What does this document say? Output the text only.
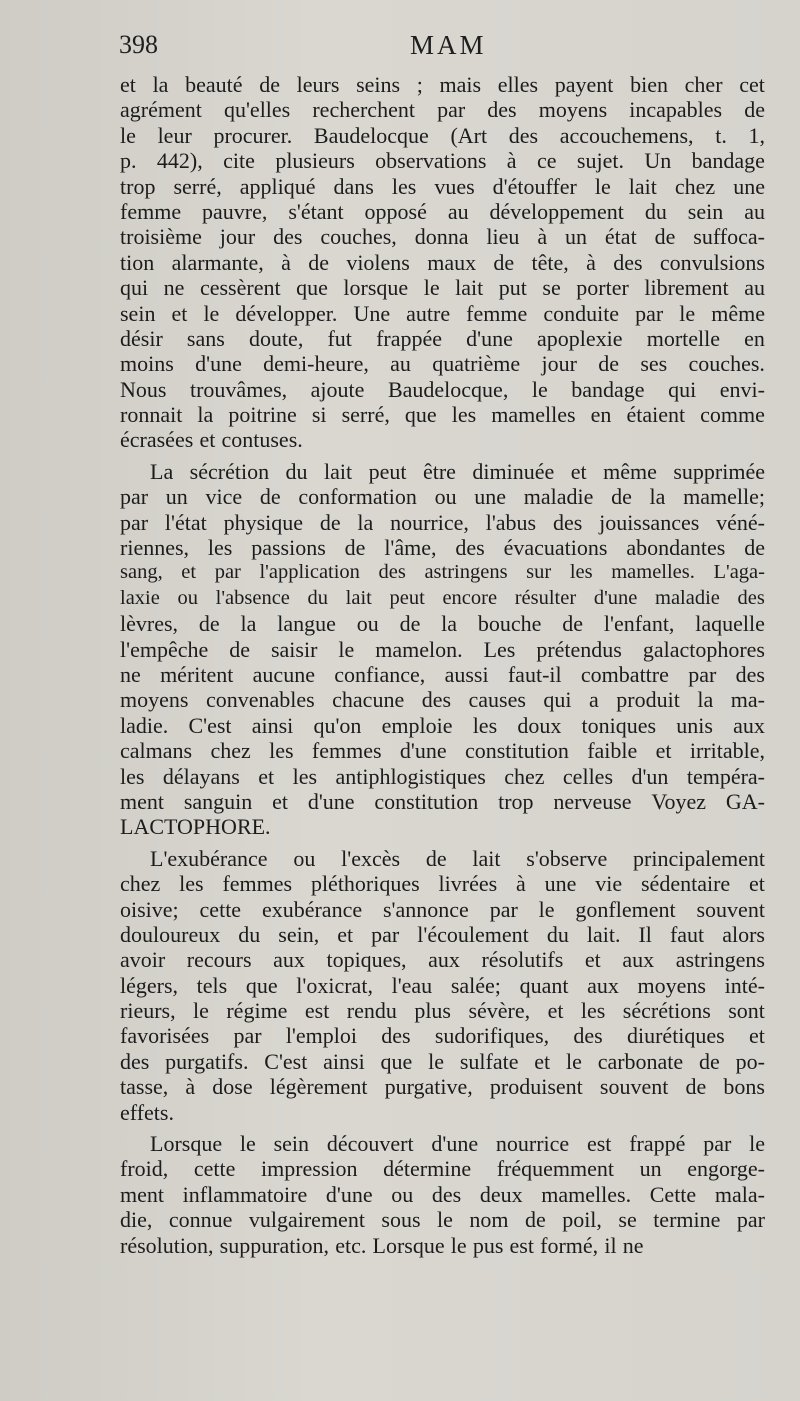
398	MAM
et la beauté de leurs seins ; mais elles payent bien cher cet
agrément qu'elles recherchent par des moyens incapables de
le leur procurer. Baudelocque (Art des accouchemens, t. 1,
p. 442), cite plusieurs observations à ce sujet. Un bandage
trop serré, appliqué dans les vues d'étouffer le lait chez une
femme pauvre, s'étant opposé au développement du sein au
troisième jour des couches, donna lieu à un état de suffoca-
tion alarmante, à de violens maux de tête, à des convulsions
qui ne cessèrent que lorsque le lait put se porter librement au
sein et le développer. Une autre femme conduite par le même
désir sans doute, fut frappée d'une apoplexie mortelle en
moins d'une demi-heure, au quatrième jour de ses couches.
Nous trouvâmes, ajoute Baudelocque, le bandage qui envi-
ronnait la poitrine si serré, que les mamelles en étaient comme
écrasées et contuses.
La sécrétion du lait peut être diminuée et même supprimée
par un vice de conformation ou une maladie de la mamelle;
par l'état physique de la nourrice, l'abus des jouissances véné-
riennes, les passions de l'âme, des évacuations abondantes de
sang, et par l'application des astringens sur les mamelles. L'aga-
laxie ou l'absence du lait peut encore résulter d'une maladie des
lèvres, de la langue ou de la bouche de l'enfant, laquelle
l'empêche de saisir le mamelon. Les prétendus galactophores
ne méritent aucune confiance, aussi faut-il combattre par des
moyens convenables chacune des causes qui a produit la ma-
ladie. C'est ainsi qu'on emploie les doux toniques unis aux
calmans chez les femmes d'une constitution faible et irritable,
les délayans et les antiphlogistiques chez celles d'un tempéra-
ment sanguin et d'une constitution trop nerveuse Voyez GA-
LACTOPHORE.
L'exubérance ou l'excès de lait s'observe principalement
chez les femmes pléthoriques livrées à une vie sédentaire et
oisive; cette exubérance s'annonce par le gonflement souvent
douloureux du sein, et par l'écoulement du lait. Il faut alors
avoir recours aux topiques, aux résolutifs et aux astringens
légers, tels que l'oxicrat, l'eau salée; quant aux moyens inté-
rieurs, le régime est rendu plus sévère, et les sécrétions sont
favorisées par l'emploi des sudorifiques, des diurétiques et
des purgatifs. C'est ainsi que le sulfate et le carbonate de po-
tasse, à dose légèrement purgative, produisent souvent de bons
effets.
Lorsque le sein découvert d'une nourrice est frappé par le
froid, cette impression détermine fréquemment un engorge-
ment inflammatoire d'une ou des deux mamelles. Cette mala-
die, connue vulgairement sous le nom de poil, se termine par
résolution, suppuration, etc. Lorsque le pus est formé, il ne
